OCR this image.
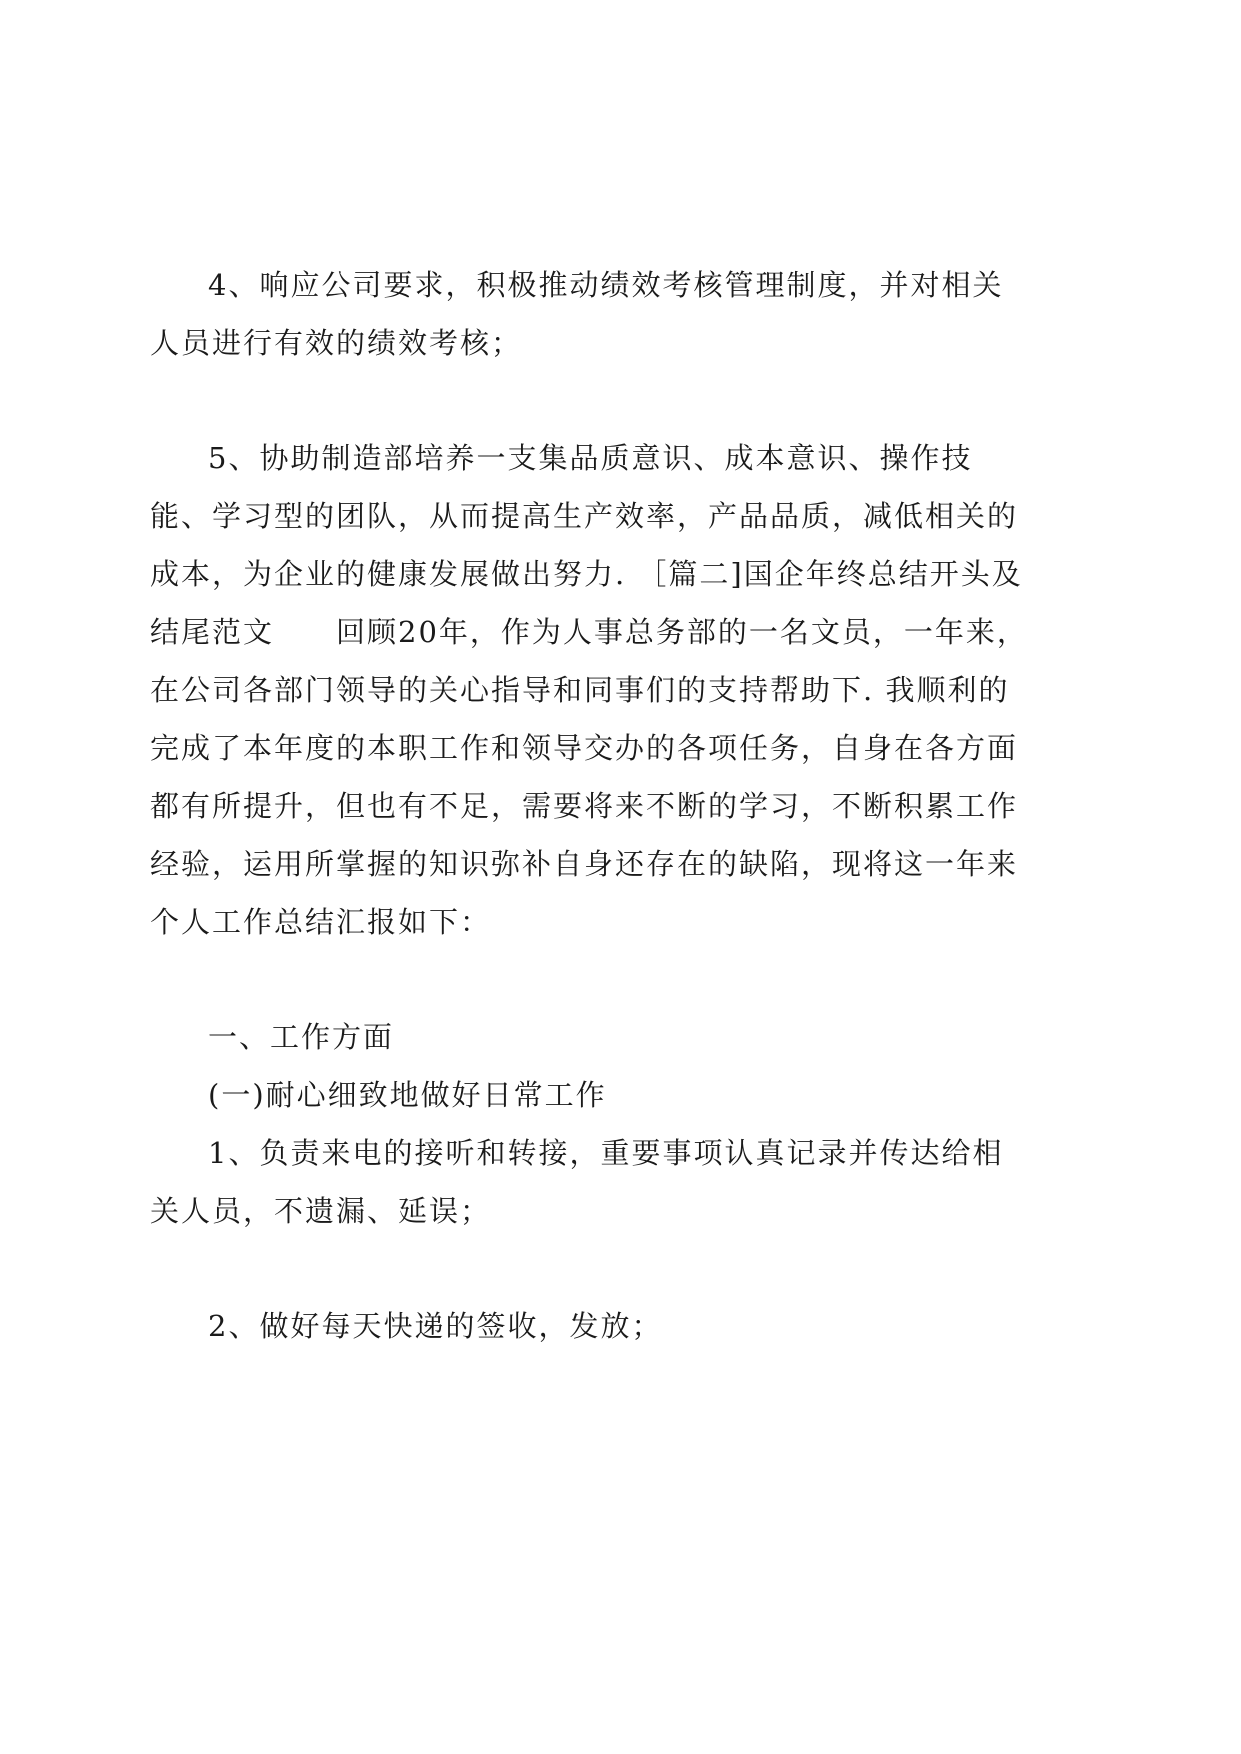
4、响应公司要求，积极推动绩效考核管理制度，并对相关
人员进行有效的绩效考核；
5、协助制造部培养一支集品质意识、成本意识、操作技
能、学习型的团队，从而提高生产效率，产品品质，减低相关的
成本，为企业的健康发展做出努力. ［篇二]国企年终总结开头及
结尾范文　　回顾20年，作为人事总务部的一名文员，一年来，
在公司各部门领导的关心指导和同事们的支持帮助下. 我顺利的
完成了本年度的本职工作和领导交办的各项任务，自身在各方面
都有所提升，但也有不足，需要将来不断的学习，不断积累工作
经验，运用所掌握的知识弥补自身还存在的缺陷，现将这一年来
个人工作总结汇报如下：
一、工作方面
(一)耐心细致地做好日常工作
1、负责来电的接听和转接，重要事项认真记录并传达给相
关人员，不遗漏、延误；
2、做好每天快递的签收，发放；
